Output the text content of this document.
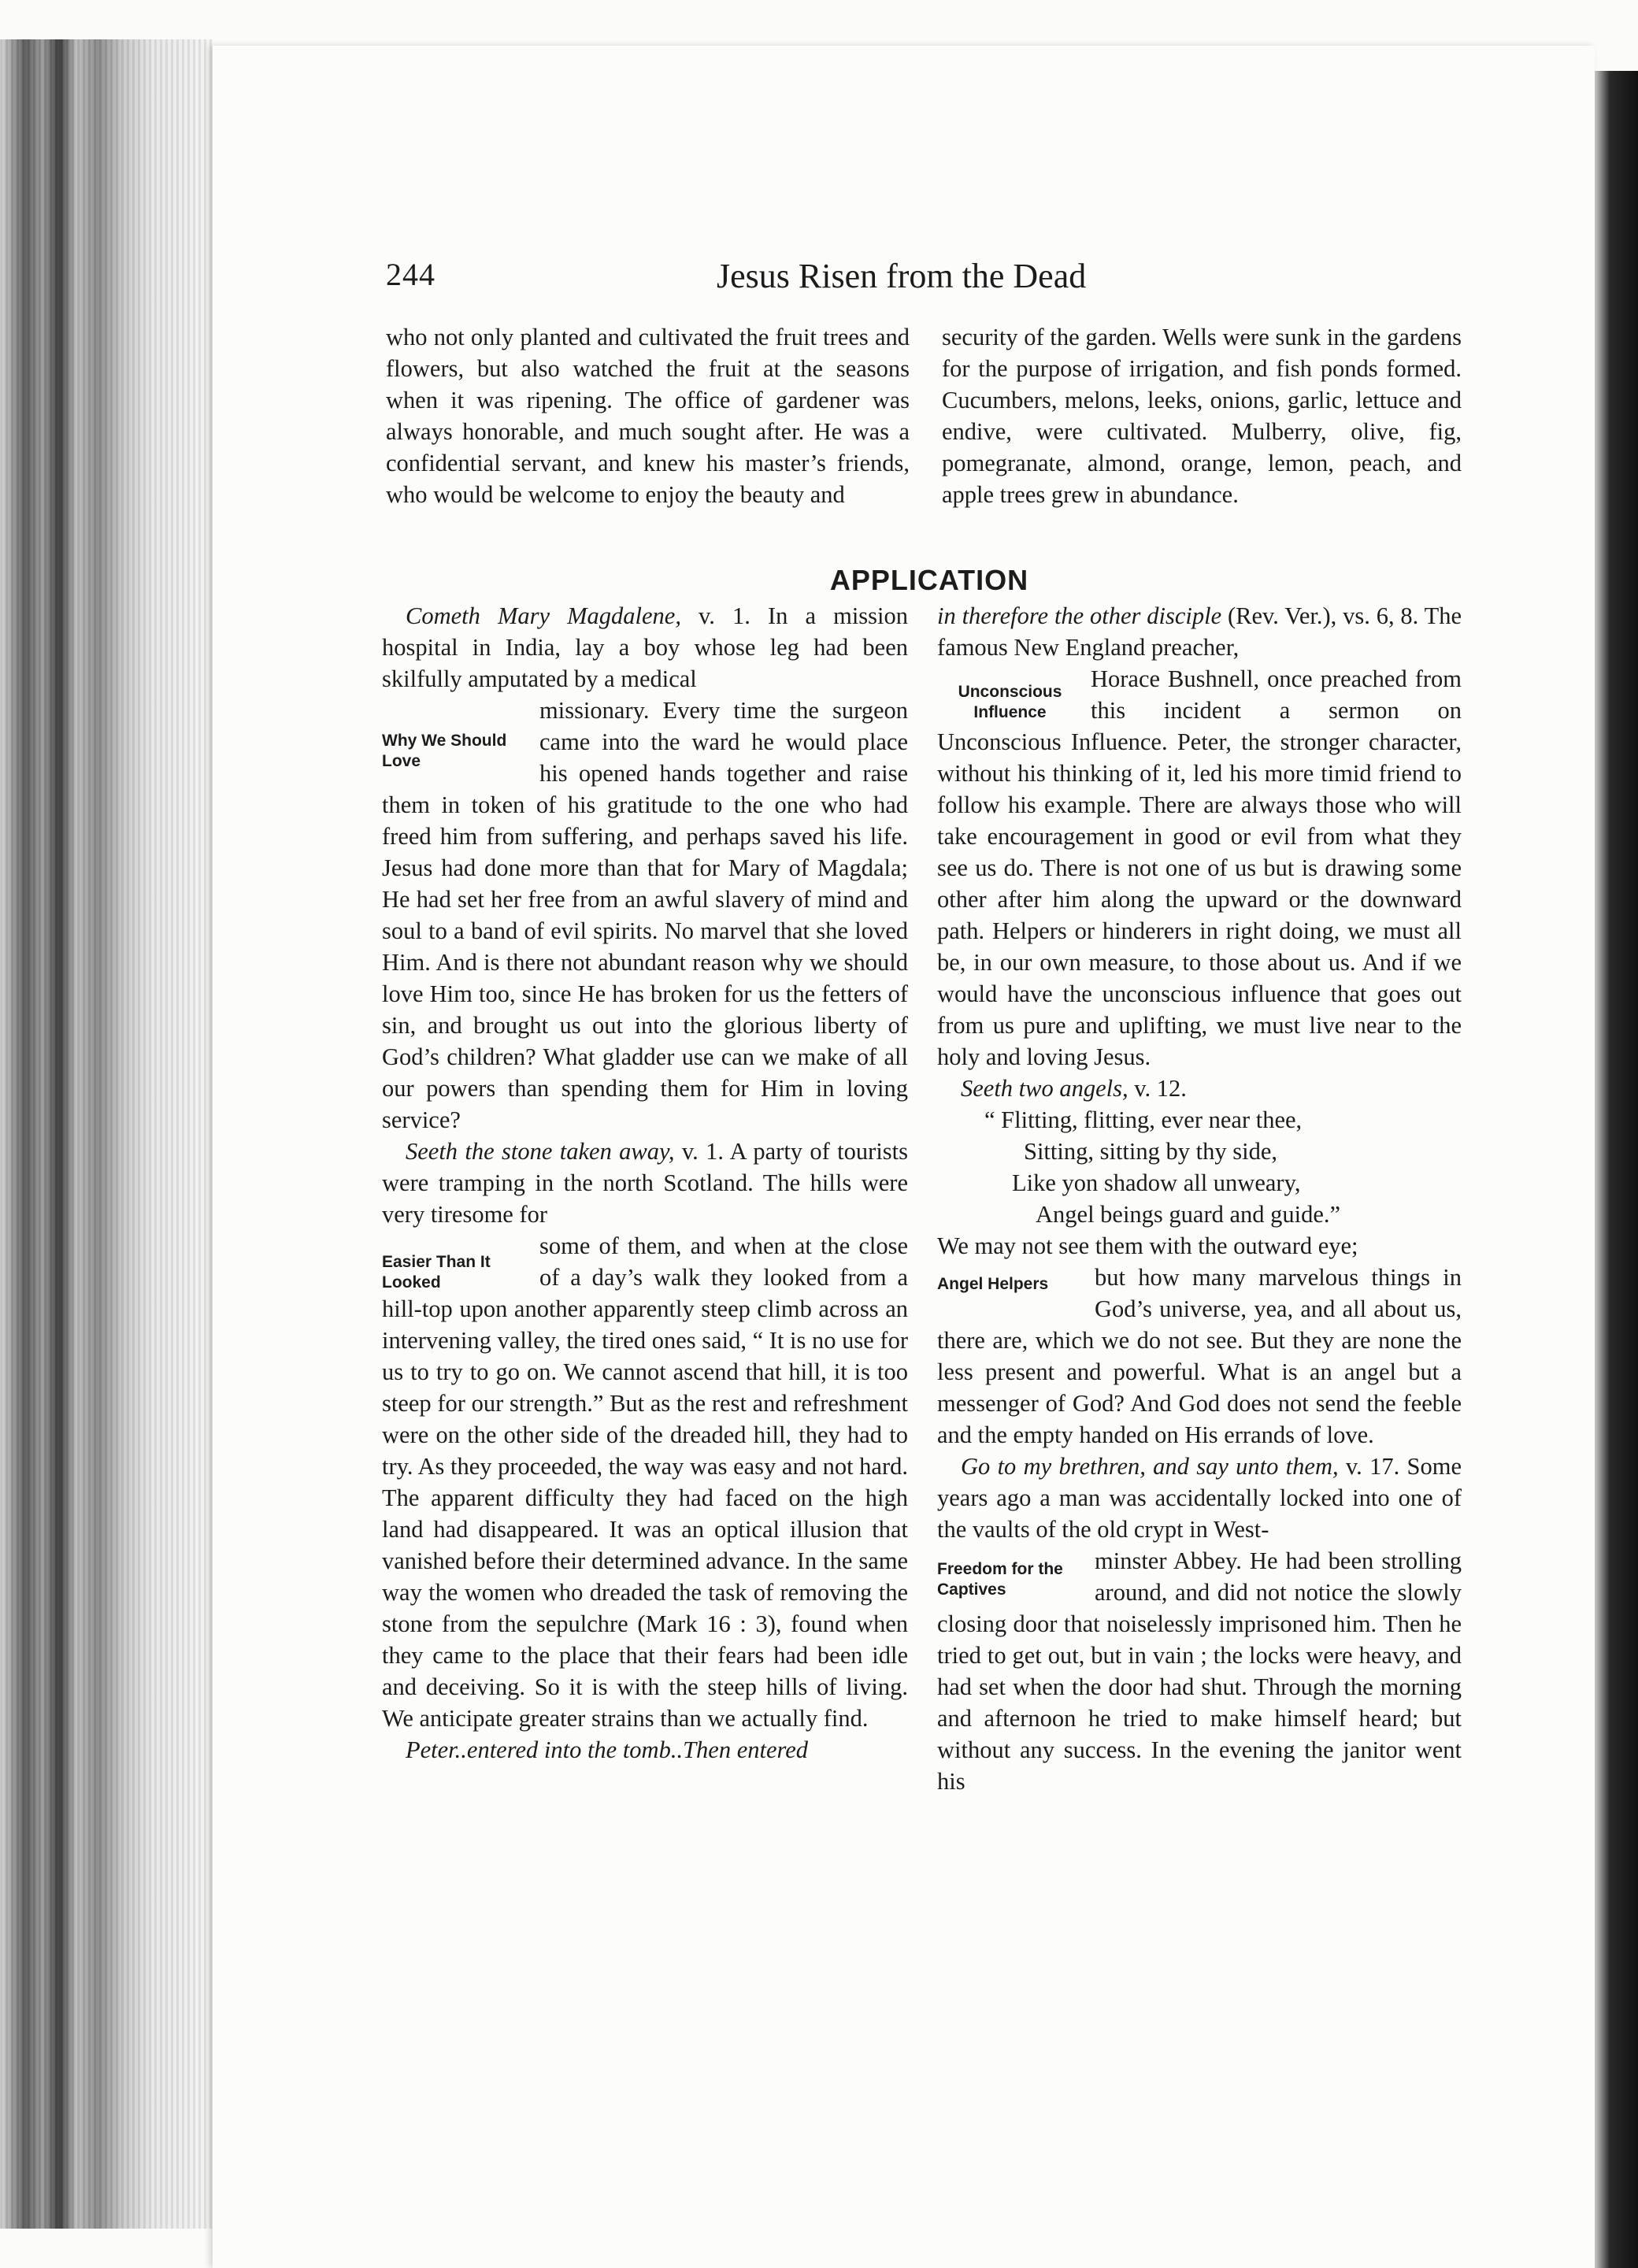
244	Jesus Risen from the Dead

who not only planted and cultivated the fruit trees and flowers, but also watched the fruit at the seasons when it was ripening. The office of gardener was always honorable, and much sought after. He was a confidential servant, and knew his master’s friends, who would be welcome to enjoy the beauty and

security of the garden. Wells were sunk in the gardens for the purpose of irrigation, and fish ponds formed. Cucumbers, melons, leeks, onions, garlic, lettuce and endive, were cultivated. Mulberry, olive, fig, pomegranate, almond, orange, lemon, peach, and apple trees grew in abundance.

APPLICATION

Cometh Mary Magdalene, v. 1. In a mission hospital in India, lay a boy whose leg had been skilfully amputated by a medical

Why We Should Love

missionary. Every time the surgeon came into the ward he would place his opened hands together and raise them in token of his gratitude to the one who had freed him from suffering, and perhaps saved his life. Jesus had done more than that for Mary of Magdala; He had set her free from an awful slavery of mind and soul to a band of evil spirits. No marvel that she loved Him. And is there not abundant reason why we should love Him too, since He has broken for us the fetters of sin, and brought us out into the glorious liberty of God’s children? What gladder use can we make of all our powers than spending them for Him in loving service?

Seeth the stone taken away, v. 1. A party of tourists were tramping in the north Scotland. The hills were very tiresome for

Easier Than It Looked

some of them, and when at the close of a day’s walk they looked from a hill-top upon another apparently steep climb across an intervening valley, the tired ones said, “ It is no use for us to try to go on. We cannot ascend that hill, it is too steep for our strength.” But as the rest and refreshment were on the other side of the dreaded hill, they had to try. As they proceeded, the way was easy and not hard. The apparent difficulty they had faced on the high land had disappeared. It was an optical illusion that vanished before their determined advance. In the same way the women who dreaded the task of removing the stone from the sepulchre (Mark 16 : 3), found when they came to the place that their fears had been idle and deceiving. So it is with the steep hills of living. We anticipate greater strains than we actually find.

Peter..entered into the tomb..Then entered

in therefore the other disciple (Rev. Ver.), vs. 6, 8. The famous New England preacher,

Unconscious Influence

Horace Bushnell, once preached from this incident a sermon on Unconscious Influence. Peter, the stronger character, without his thinking of it, led his more timid friend to follow his example. There are always those who will take encouragement in good or evil from what they see us do. There is not one of us but is drawing some other after him along the upward or the downward path. Helpers or hinderers in right doing, we must all be, in our own measure, to those about us. And if we would have the unconscious influence that goes out from us pure and uplifting, we must live near to the holy and loving Jesus.

Seeth two angels, v. 12.

“ Flitting, flitting, ever near thee,
Sitting, sitting by thy side,
Like yon shadow all unweary,
Angel beings guard and guide.”

We may not see them with the outward eye;

Angel Helpers	but how many marvelous things in God’s universe, yea, and all about us, there are, which we do not see. But they are none the less present and powerful. What is an angel but a messenger of God? And God does not send the feeble and the empty handed on His errands of love.

Go to my brethren, and say unto them, v. 17. Some years ago a man was accidentally locked into one of the vaults of the old crypt in West-

Freedom for the Captives

minster Abbey. He had been strolling around, and did not notice the slowly closing door that noiselessly imprisoned him. Then he tried to get out, but in vain ; the locks were heavy, and had set when the door had shut. Through the morning and afternoon he tried to make himself heard; but without any success. In the evening the janitor went his
